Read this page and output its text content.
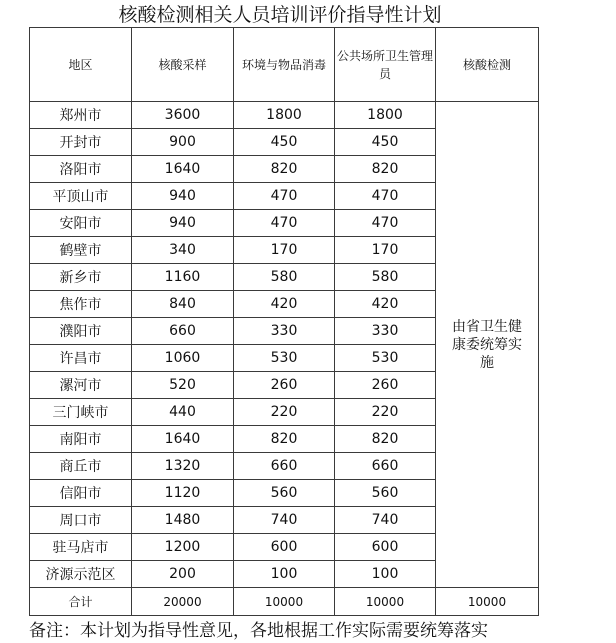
核酸检测相关人员培训评价指导性计划
地区	核酸采样	环境与物品消毒	公共场所卫生管理员	核酸检测
郑州市	3600	1800	1800	由省卫生健康委统筹实施
开封市	900	450	450	
洛阳市	1640	820	820	
平顶山市	940	470	470	
安阳市	940	470	470	
鹤壁市	340	170	170	
新乡市	1160	580	580	
焦作市	840	420	420	
濮阳市	660	330	330	
许昌市	1060	530	530	
漯河市	520	260	260	
三门峡市	440	220	220	
南阳市	1640	820	820	
商丘市	1320	660	660	
信阳市	1120	560	560	
周口市	1480	740	740	
驻马店市	1200	600	600	
济源示范区	200	100	100	
合计	20000	10000	10000	10000
备注：本计划为指导性意见，各地根据工作实际需要统筹落实
